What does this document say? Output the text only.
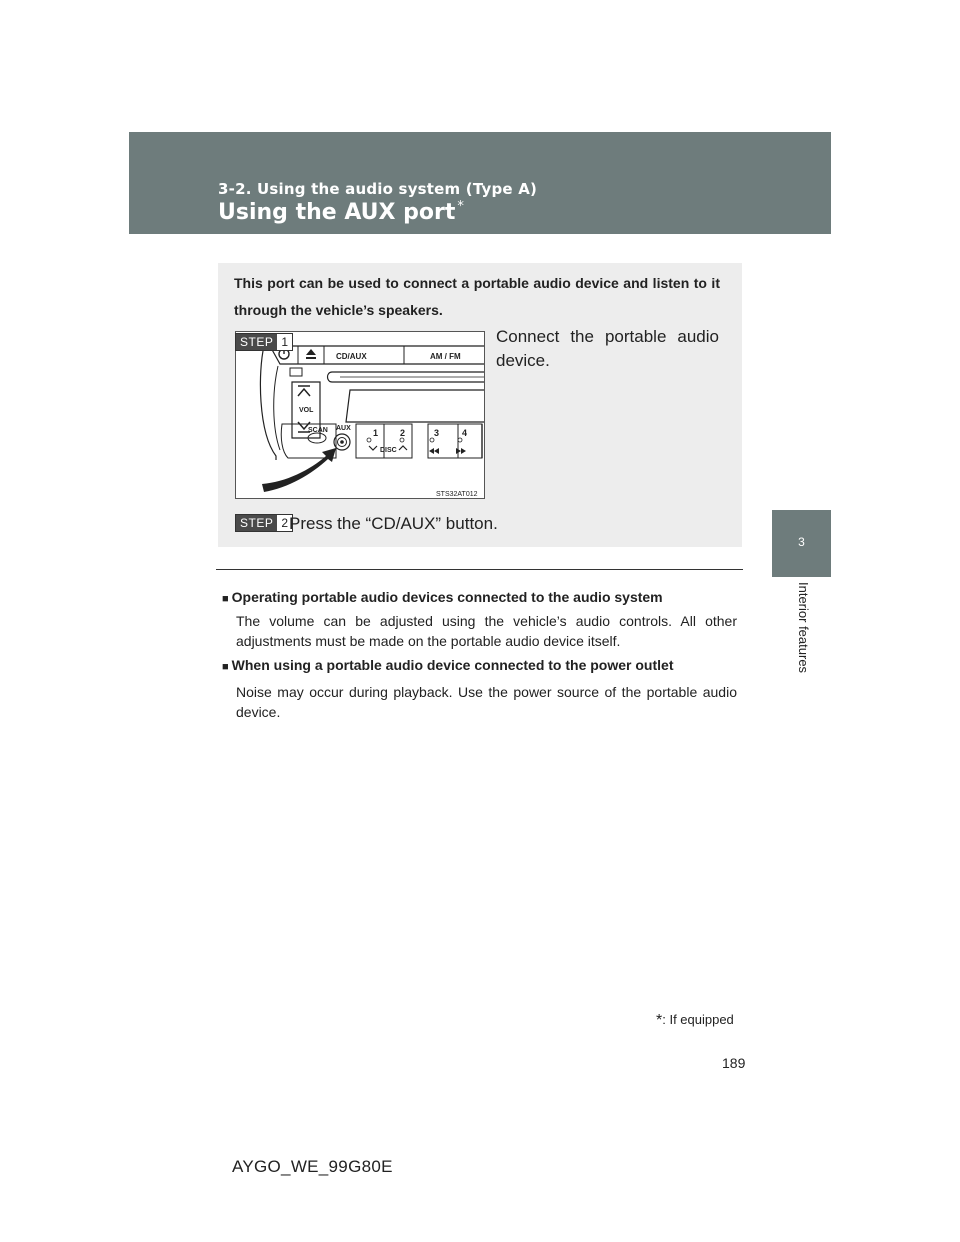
3-2. Using the audio system (Type A)
Using the AUX port *
3
Interior features
This port can be used to connect a portable audio device and listen to it through the vehicle’s speakers.
CD/AUX	AM / FM
VOL
SCAN AUX 1 2	3	4
DISC
STS32AT012
STEP 1	Connect the portable audio
device.
STEP 2 Press the “CD/AUX” button.
■ Operating portable audio devices connected to the audio system
The volume can be adjusted using the vehicle’s audio controls. All other adjustments must be made on the portable audio device itself.
■ When using a portable audio device connected to the power outlet
Noise may occur during playback. Use the power source of the portable audio device.
*: If equipped
189
AYGO_WE_99G80E
